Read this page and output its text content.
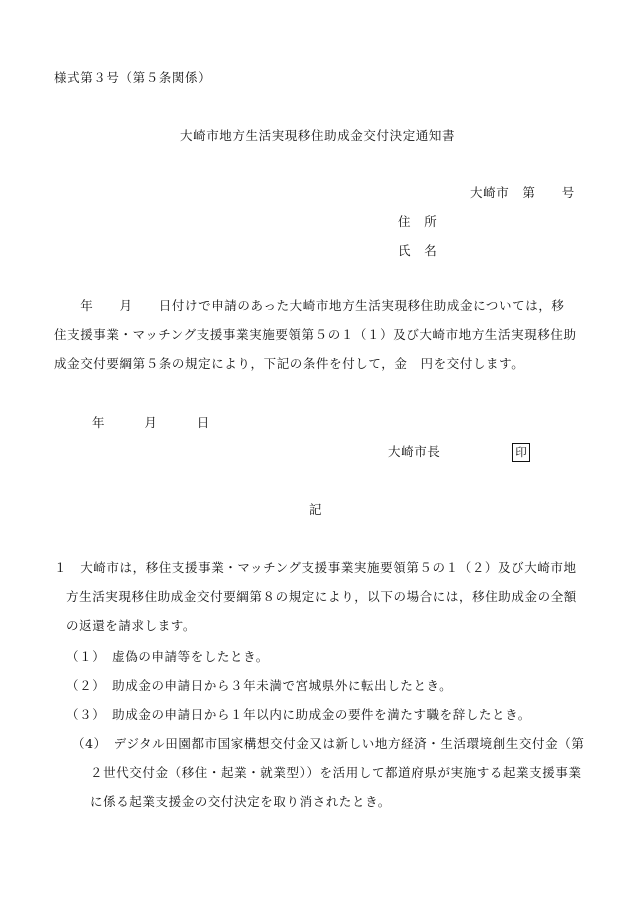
様式第３号（第５条関係）
大崎市地方生活実現移住助成金交付決定通知書
大崎市　第　　号
住　所
氏　名
　　年　　月　　日付けで申請のあった大崎市地方生活実現移住助成金については，移
住支援事業・マッチング支援事業実施要領第５の１（１）及び大崎市地方生活実現移住助
成金交付要綱第５条の規定により，下記の条件を付して，金　円を交付します。
年　　　月　　　日
大崎市長	印
記
１　大崎市は，移住支援事業・マッチング支援事業実施要領第５の１（２）及び大崎市地
方生活実現移住助成金交付要綱第８の規定により，以下の場合には，移住助成金の全額
の返還を請求します。
（１）　虚偽の申請等をしたとき。
（２）　助成金の申請日から３年未満で宮城県外に転出したとき。
（３）　助成金の申請日から１年以内に助成金の要件を満たす職を辞したとき。
（4）　デジタル田園都市国家構想交付金又は新しい地方経済・生活環境創生交付金（第
２世代交付金（移住・起業・就業型））を活用して都道府県が実施する起業支援事業
に係る起業支援金の交付決定を取り消されたとき。
